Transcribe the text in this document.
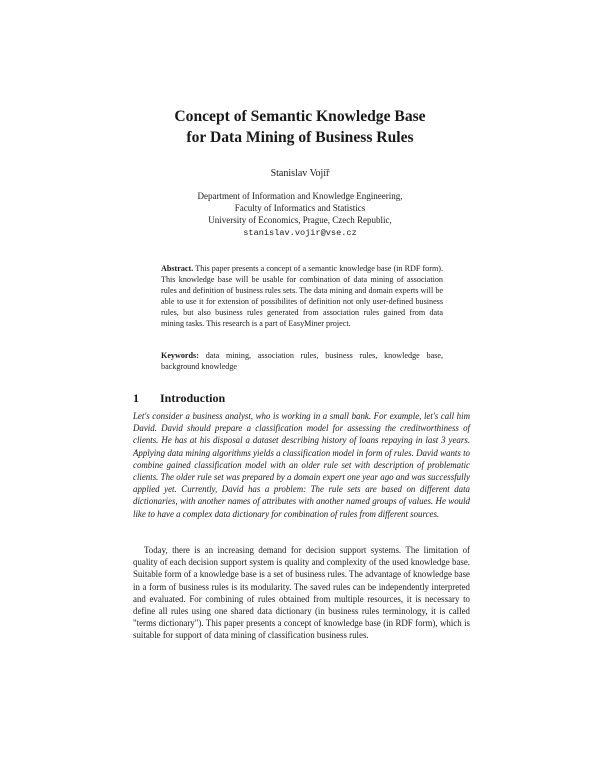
Concept of Semantic Knowledge Base
for Data Mining of Business Rules

Stanislav Vojíř

Department of Information and Knowledge Engineering,
Faculty of Informatics and Statistics
University of Economics, Prague, Czech Republic,
stanislav.vojir@vse.cz

Abstract. This paper presents a concept of a semantic knowledge base (in RDF form). This knowledge base will be usable for combination of data mining of association rules and definition of business rules sets. The data mining and domain experts will be able to use it for extension of possibilites of definition not only user-defined business rules, but also business rules generated from association rules gained from data mining tasks. This research is a part of EasyMiner project.

Keywords: data mining, association rules, business rules, knowledge base, background knowledge

1 Introduction

Let's consider a business analyst, who is working in a small bank. For example, let's call him David. David should prepare a classification model for assessing the creditworthiness of clients. He has at his disposal a dataset describing history of loans repaying in last 3 years. Applying data mining algorithms yields a classification model in form of rules. David wants to combine gained classification model with an older rule set with description of problematic clients. The older rule set was prepared by a domain expert one year ago and was successfully applied yet. Currently, David has a problem: The rule sets are based on different data dictionaries, with another names of attributes with another named groups of values. He would like to have a complex data dictionary for combination of rules from different sources.

Today, there is an increasing demand for decision support systems. The limitation of quality of each decision support system is quality and complexity of the used knowledge base. Suitable form of a knowledge base is a set of business rules. The advantage of knowledge base in a form of business rules is its modularity. The saved rules can be independently interpreted and evaluated. For combining of rules obtained from multiple resources, it is necessary to define all rules using one shared data dictionary (in business rules terminology, it is called "terms dictionary"). This paper presents a concept of knowledge base (in RDF form), which is suitable for support of data mining of classification business rules.
